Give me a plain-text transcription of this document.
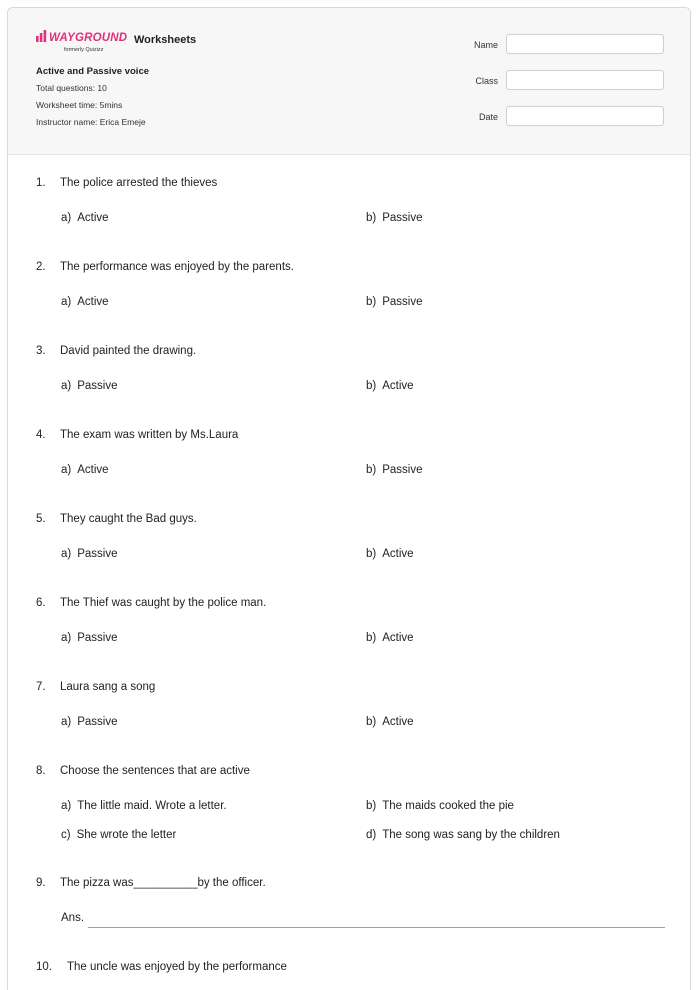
WAYGROUND
formerly Quizizz
Worksheets
Active and Passive voice
Total questions: 10
Worksheet time: 5mins
Instructor name: Erica Emeje
Name
Class
Date
1. The police arrested the thieves
a) Active	b) Passive
2. The performance was enjoyed by the parents.
a) Active	b) Passive
3. David painted the drawing.
a) Passive	b) Active
4. The exam was written by Ms.Laura
a) Active	b) Passive
5. They caught the Bad guys.
a) Passive	b) Active
6. The Thief was caught by the police man.
a) Passive	b) Active
7. Laura sang a song
a) Passive	b) Active
8. Choose the sentences that are active
a) The little maid. Wrote a letter.	b) The maids cooked the pie
c) She wrote the letter	d) The song was sang by the children
9. The pizza was__________by the officer.
Ans.
10. The uncle was enjoyed by the performance
